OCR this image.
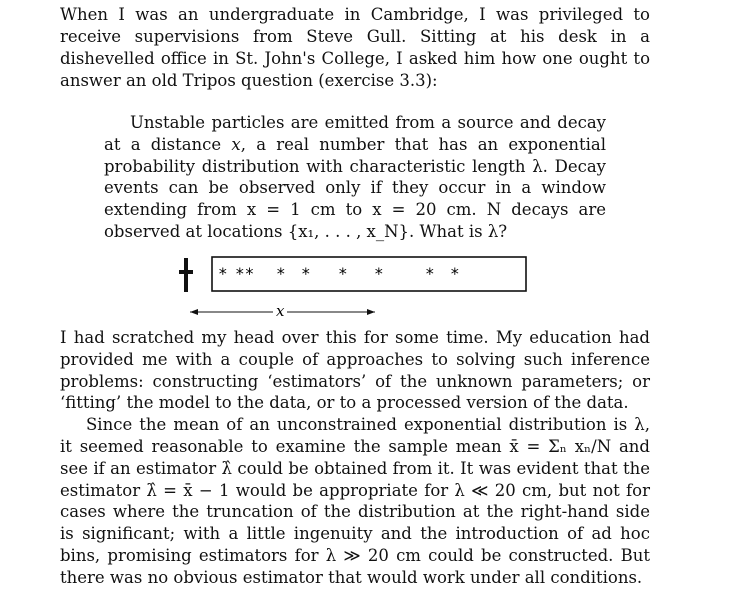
When I was an undergraduate in Cambridge, I was privileged to receive supervisions from Steve Gull. Sitting at his desk in a dishevelled office in St. John's College, I asked him how one ought to answer an old Tripos question (exercise 3.3):

Unstable particles are emitted from a source and decay at a distance x, a real number that has an exponential probability distribution with characteristic length λ. Decay events can be observed only if they occur in a window extending from x = 1 cm to x = 20 cm. N decays are observed at locations {x₁, . . . , x_N}. What is λ?
* ** * * * *	* *
x

I had scratched my head over this for some time. My education had provided me with a couple of approaches to solving such inference problems: constructing ‘estimators’ of the unknown parameters; or ‘fitting’ the model to the data, or to a processed version of the data.

Since the mean of an unconstrained exponential distribution is λ, it seemed reasonable to examine the sample mean x̄ = Σₙ xₙ/N and see if an estimator λ̂ could be obtained from it. It was evident that the estimator λ̂ = x̄ − 1 would be appropriate for λ ≪ 20 cm, but not for cases where the truncation of the distribution at the right-hand side is significant; with a little ingenuity and the introduction of ad hoc bins, promising estimators for λ ≫ 20 cm could be constructed. But there was no obvious estimator that would work under all conditions.
